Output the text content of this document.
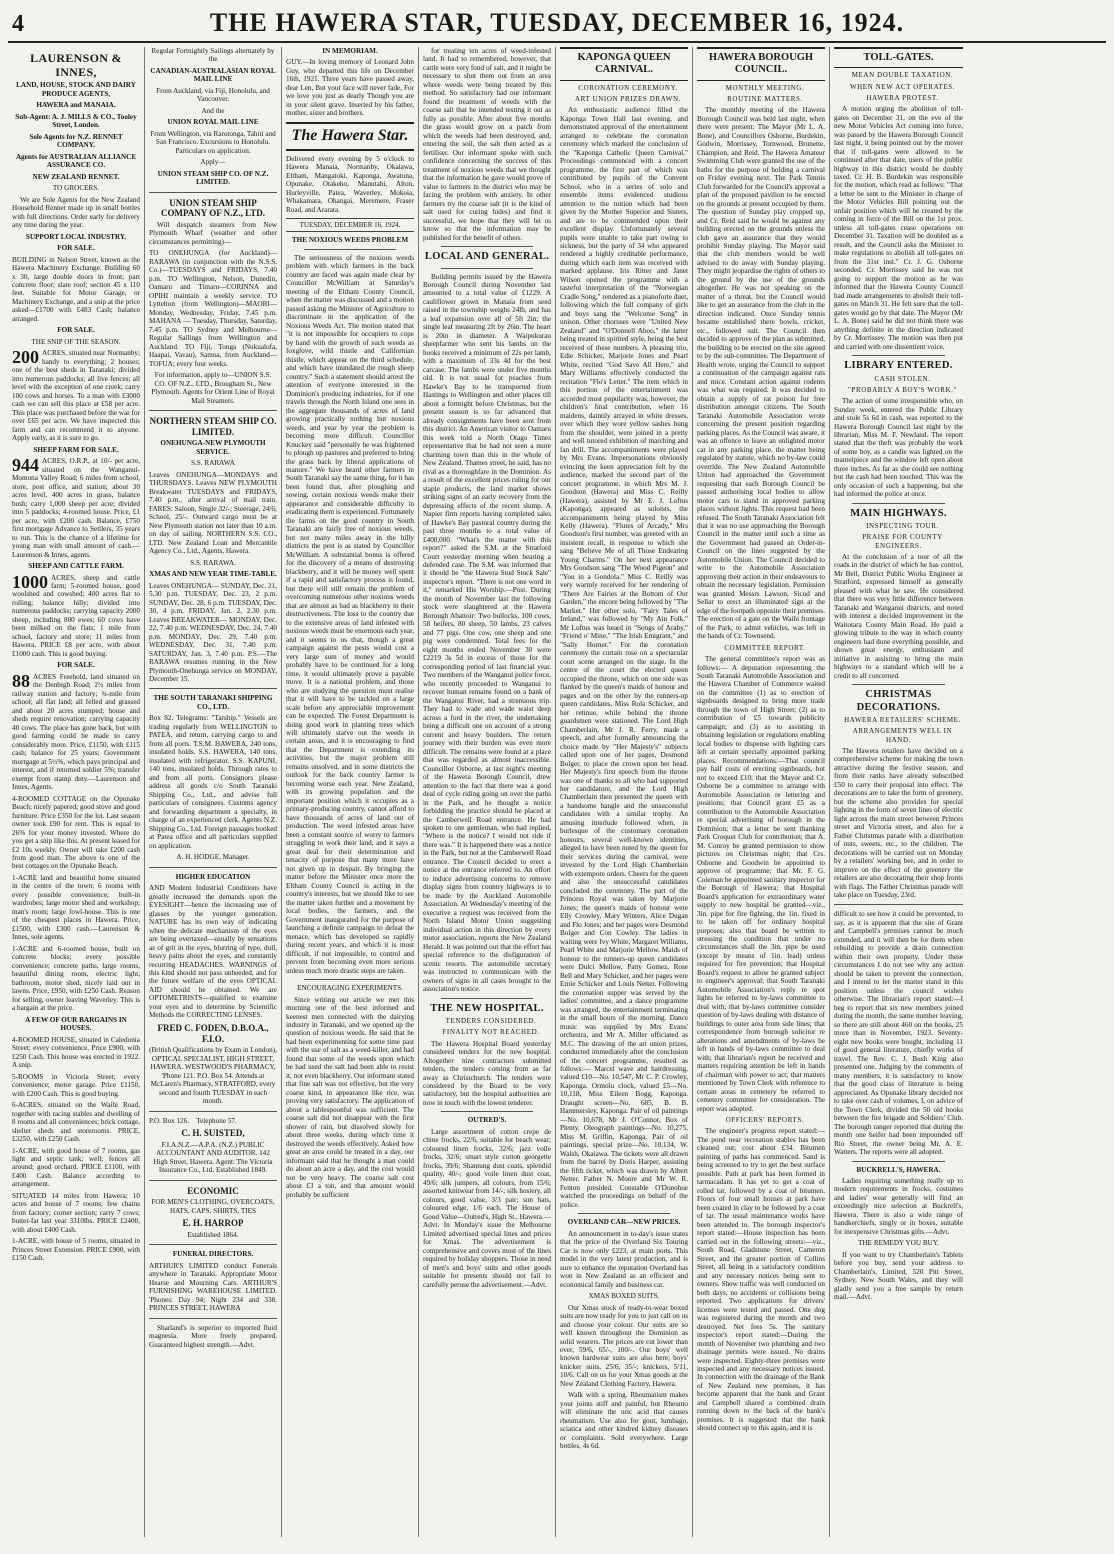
4	THE HAWERA STAR, TUESDAY, DECEMBER 16, 1924.
LAURENSON & INNES,

LAND, HOUSE, STOCK AND DAIRY PRODUCE AGENTS,

HAWERA and MANAIA.

Sub-Agent: A. J. MILLS & CO., Tooley Street, London.

Sole Agents for N.Z. RENNET COMPANY.

Agents for AUSTRALIAN ALLIANCE ASSURANCE CO.

NEW ZEALAND RENNET.

TO GROCERS.

We are Sole Agents for the New Zealand Household Rennet made up in small bottles with full directions. Order early for delivery any time during the year.

SUPPORT LOCAL INDUSTRY.

FOR SALE.

BUILDING in Nelson Street, known as the Hawera Machinery Exchange. Building 60 x 30, large double doors in front; part concrete floor; slate roof; section 45 x 110 feet. Suitable for Motor Garage, or Machinery Exchange, and a snip at the price asked—£1700 with £483 Cash; balance arranged.

FOR SALE.

THE SNIP OF THE SEASON.

200 ACRES, situated near Normanby; handy to everything; 2 houses; one of the best sheds in Taranaki; divided into numerous paddocks; all live fences; all level with the exception of one creek; carry 100 cows and horses. To a man with £3000 cash we can sell this place at £58 per acre. This place was purchased before the war for over £65 per acre. We have inspected this farm and can recommend it to anyone. Apply early, as it is sure to go.

SHEEP FARM FOR SALE.

944 ACRES, O.R.P., at 10/- per acre, situated on the Wanganui-Momona Valley Road; 6 miles from school, store, post office, and station; about 30 acres level, 400 acres in grass, balance bush; carry 1,000 sheep per acre; divided into 5 paddocks; 4-roomed house. Price, £1 per acre, with £200 cash. Balance, £750 first mortgage Advance to Settlers, 35 years to run. This is the chance of a lifetime for young man with small amount of cash.—Laurenson & Innes, agents.

SHEEP AND CATTLE FARM.

1000 ACRES, sheep and cattle farm; 5-roomed house, good woolshed and cowshed; 400 acres flat to rolling; balance hilly; divided into numerous paddocks; carrying capacity 2000 sheep, including 800 ewes; 60 cows have been milked on the flats; 1 mile from school, factory and store; 11 miles from Hawera. PRICE £8 per acre, with about £1000 cash. This is good buying.

FOR SALE.

88 ACRES Freehold, land situated on the Denbigh Road; 2½ miles from railway station and factory; ¾-mile from school; all flat land; all felled and grassed and about 20 acres stumped; house and sheds require renovation; carrying capacity 40 cows. The place has gone back, but with good farming could be made to carry considerably more. Price, £1150, with £115 cash; balance for 25 years; Government mortgage at 5½%, which pays principal and interest, and if returned soldier 5%; transfer exempt from stamp duty.—Laurenson and Innes, Agents.

4-ROOMED COTTAGE on the Opunake Beach; nicely papered; good stove and good furniture. Price £350 for the lot. Last season owner took £90 for rent. This is equal to 26% for your money invested. Where do you get a snip like this. At present leased for £2 10s weekly. Owner will take £200 cash from good man. The above is one of the best cottages on the Opunake Beach.

1-ACRE land and beautiful home situated in the centre of the town; 6 rooms with every possible convenience; built-in wardrobes; large motor shed and workshop; man's room; large fowl-house. This is one of the cheapest places in Hawera. Price, £1500, with £300 cash.—Laurenson & Innes, sole agents.

1-ACRE and 6-roomed house, built on concrete blocks; every possible convenience; concrete paths, large rooms, beautiful dining room, electric light, bathroom, motor shed, nicely laid out in lawns. Price, £950, with £250 Cash. Reason for selling, owner leaving Waverley. This is a bargain at the price.

A FEW OF OUR BARGAINS IN HOUSES.

4-ROOMED HOUSE, situated in Caledonia Street; every convenience. Price £900, with £250 Cash. This house was erected in 1922. A snip.

5-ROOMS in Victoria Street; every convenience; motor garage. Price £1150, with £200 Cash. This is good buying.

6-ACRES, situated on the Waihi Road, together with racing stables and dwelling of 8 rooms and all conveniences; brick cottage, shelter sheds and storerooms. PRICE, £3250, with £250 Cash.

1-ACRE, with good house of 7 rooms, gas light and septic tank; well; fences all around; good orchard. PRICE £1100, with £400 Cash. Balance according to arrangement.

SITUATED 14 miles from Hawera; 10 acres and house of 7 rooms; few chains from factory; corner section; carry 7 cows; butter-fat last year 3310lbs. PRICE £2400, with about £400 Cash.

1-ACRE, with house of 5 rooms, situated in Princes Street Extension. PRICE £900, with £150 Cash.

Regular Fortnightly Sailings alternately by the

CANADIAN-AUSTRALASIAN ROYAL MAIL LINE

From Auckland, via Fiji, Honolulu, and Vancouver.

And the

UNION ROYAL MAIL LINE

From Wellington, via Rarotonga, Tahiti and San Francisco. Excursions to Honolulu. Particulars on application.

Apply—

UNION STEAM SHIP CO. OF N.Z. LIMITED.

UNION STEAM SHIP COMPANY OF N.Z., LTD.

Will despatch steamers from New Plymouth Wharf (weather and other circumstances permitting)—

TO ONEHUNGA (for Auckland)—RARAWA (in conjunction with the N.S.S. Co.)—TUESDAYS and FRIDAYS, 7.40 p.m. TO Wellington, Nelson, Dunedin, Oamaru and Timaru—CORINNA and OPIHI maintain a weekly service. TO Lyttelton (from Wellington)—MAORI—Monday, Wednesday, Friday, 7.45 p.m. MAHANA — Tuesday, Thursday, Saturday, 7.45 p.m. TO Sydney and Melbourne—Regular Sailings from Wellington and Auckland. TO Fiji, Tonga (Nukualofa, Haapai, Vavau), Samoa, from Auckland—TOFUA; every four weeks.

For information, apply to—UNION S.S. CO. OF N.Z., LTD., Brougham St., New Plymouth. Agents for Orient Line of Royal Mail Steamers.

NORTHERN STEAM SHIP CO. LIMITED.

ONEHUNGA-NEW PLYMOUTH SERVICE.

S.S. RARAWA

Leaves ONEHUNGA—MONDAYS and THURSDAYS. Leaves NEW PLYMOUTH Breakwater TUESDAYS and FRIDAYS, 7.40 p.m., after arrival of mail train. FARES: Saloon, Single 32/-; Steerage, 24/6; School, 25/-. Outward cargo must be at New Plymouth station not later than 10 a.m. on day of sailing. NORTHERN S.S. CO., LTD. New Zealand Loan and Mercantile Agency Co., Ltd., Agents, Hawera.

S.S. RARAWA.

XMAS AND NEW YEAR TIME-TABLE.

Leaves ONEHUNGA— SUNDAY, Dec. 21, 5.30 p.m. TUESDAY, Dec. 23, 2 p.m. SUNDAY, Dec. 28, 6 p.m. TUESDAY, Dec. 30, 4 p.m. FRIDAY, Jan. 2, 2.30 p.m. Leaves BREAKWATER— MONDAY, Dec. 22, 7.40 p.m. WEDNESDAY, Dec. 24, 7.40 p.m. MONDAY, Dec. 29, 7.40 p.m. WEDNESDAY, Dec. 31, 7.40 p.m. SATURDAY, Jan. 3, 7.40 p.m. P.S.—The RARAWA resumes running in the New Plymouth-Onehunga service on MONDAY, December 15.

THE SOUTH TARANAKI SHIPPING CO., LTD.

Box 82. Telegrams: "Tarship." Vessels are trading regularly from WELLINGTON to PATEA, and return, carrying cargo to and from all ports. T.S.M. HAWERA, 240 tons, insulated holds. S.S. HAWERA, 140 tons, insulated with refrigerator. S.S. KAPUNI, 140 tons, insulated holds. Through rates to and from all ports. Consignors please address all goods c/o South Taranaki Shipping Co., Ltd., and advise full particulars of consignees. Customs agency and forwarding department a specialty, in charge of an experienced clerk. Agents N.Z. Shipping Co., Ltd. Foreign passages booked at Patea office and all particulars supplied on application.

A. H. HODGE, Manager.

HIGHER EDUCATION

AND Modern Industrial Conditions have greatly increased the demands upon the EYESIGHT—hence the increasing use of glasses by the younger generation. NATURE has its own way of indicating when the delicate mechanism of the eyes are being overtaxed—usually by sensations as of grit in the eyes, blurring of type, dull, heavy pains about the eyes, and constantly recurring HEADACHES. WARNINGS of this kind should not pass unheeded, and for the future welfare of the eyes OPTICAL AID should be obtained. We are OPTOMETRISTS—qualified to examine your eyes and to determine by Scientific Methods the CORRECTING LENSES.

FRED C. FODEN, D.B.O.A., F.I.O.

(British Qualifications by Exam in London), OPTICAL SPECIALIST, HIGH STREET, HAWERA. WESTWOOD'S PHARMACY, 'Phone 121. P.O. Box 54. Attends at McLaren's Pharmacy, STRATFORD, every second and fourth TUESDAY in each month.

P.O. Box 126. Telephone 57.

C. H. SUISTED,

F.I.A.N.Z.—A.P.A. (N.Z.) PUBLIC ACCOUNTANT AND AUDITOR. 142 High Street, Hawera. Agent: The Victoria Insurance Co., Ltd. Established 1849.

ECONOMIC

FOR MEN'S CLOTHING, OVERCOATS, HATS, CAPS, SHIRTS, TIES

E. H. HARROP

Established 1864.

FUNERAL DIRECTORS.

ARTHUR'S LIMITED conduct Funerals anywhere in Taranaki. Appropriate Motor Hearse and Mourning Cars. ARTHUR'S FURNISHING WAREHOUSE LIMITED. 'Phones: Day 94; Night 234 and 338. PRINCES STREET, HAWERA

Sharland's is superior to imported fluid magnesia. More freely prepared. Guaranteed highest strength.—Advt.

IN MEMORIAM.

GUY.—In loving memory of Leonard John Guy, who departed this life on December 16th, 1921. Three years have passed away, dear Len, But your face will never fade, For we love you just as dearly Though you are in your silent grave. Inserted by his father, mother, sister and brothers.

The Hawera Star.

Delivered every evening by 5 o'clock to Hawera Manaia, Normanby, Okaiawa, Eltham, Mangatoki, Kaponga, Awatuna, Opunake, Otakeho, Manutahi, Alton, Hurleyville, Patea, Waverley, Mokoia, Whakamara, Ohangai, Meremere, Fraser Road, and Ararata.

TUESDAY, DECEMBER 16, 1924.

THE NOXIOUS WEEDS PROBLEM

The seriousness of the noxious weeds problem with which farmers in the back country are faced was again made clear by Councillor McWilliam at Saturday's meeting of the Eltham County Council, when the matter was discussed and a motion passed asking the Minister of Agriculture to discriminate in the application of the Noxious Weeds Act. The motion stated that "it is not impossible for occupiers to cope by hand with the growth of such weeds as foxglove, wild thistle and Californian thistle, which appear on the third schedule, and which have inundated the rough sheep country." Such a statement should arrest the attention of everyone interested in the Dominion's producing industries, for if one travels through the North Island one sees in the aggregate thousands of acres of land growing practically nothing but noxious weeds, and year by year the problem is becoming more difficult. Councillor Knuckey said "personally he was frightened to plough up pastures and preferred to bring the grass back by liberal applications of manure." We have heard other farmers in South Taranaki say the same thing, for it has been found that, after ploughing and sowing, certain noxious weeds make their appearance and considerable difficulty in eradicating them is experienced. Fortunately the farms on the good country in South Taranaki are fairly free of noxious weeds, but not many miles away in the hilly districts the pest is as stated by Councillor McWilliam. A substantial bonus is offered for the discovery of a means of destroying blackberry, and it will be money well spent if a rapid and satisfactory process is found, but there will still remain the problem of overcoming numerous other noxious weeds that are almost as bad as blackberry in their destructiveness. The loss to the country due to the extensive areas of land infested with noxious weeds must be enormous each year, and it seems to us that, though a great campaign against the pests would cost a very large sum of money and would probably have to be continued for a long time, it would ultimately prove a payable move. It is a national problem, and those who are studying the question must realise that it will have to be tackled on a large scale before any appreciable improvement can be expected. The Forest Department is doing good work in planting trees which will ultimately starve out the weeds in certain areas, and it is encouraging to find that the Department is extending its activities, but the major problem still remains unsolved, and in some districts the outlook for the back country farmer is becoming worse each year. New Zealand, with its growing population and the important position which it occupies as a primary-producing country, cannot afford to have thousands of acres of land out of production. The weed infested areas have been a constant source of worry to farmers struggling to work their land, and it says a great deal for their determination and tenacity of purpose that many more have not given up in despair. By bringing the matter before the Minister once more the Eltham County Council is acting in the country's interests, but we should like to see the matter taken further and a movement by local bodies, the farmers, and the Government inaugurated for the purpose of launching a definite campaign to defeat the menace, which has developed so rapidly during recent years, and which it is most difficult, if not impossible, to control and prevent from becoming even more serious unless much more drastic steps are taken.

ENCOURAGING EXPERIMENTS.

Since writing our article we met this morning one of the best informed and keenest men connected with the dairying industry in Taranaki, and we opened up the question of noxious weeds. He said that he had been experimenting for some time past with the use of salt as a weed-killer, and had found that some of the weeds upon which he had used the salt had been able to resist it, not even blackberry. Our informant stated that fine salt was not effective, but the very coarse kind, in appearance like rice, was proving very satisfactory. The application of about a tablespoonful was sufficient. The coarse salt did not disappear with the first shower of rain, but dissolved slowly for about three weeks, during which time it destroyed the weeds effectively. Asked how great an area could be treated in a day, our informant said that he thought a man could do about an acre a day, and the cost would not be very heavy. The coarse salt cost about £3 a ton, and that amount would probably be sufficient

for treating ten acres of weed-infested land. It had to remembered, however, that cattle were very fond of salt, and it might be necessary to shut them out from an area where weeds were being treated by this method. So satisfactory had our informant found the treatment of weeds with the coarse salt that he intended testing it out as fully as possible. After about five months the grass would grow on a patch from which the weeds had been destroyed, and, entering the soil, the salt then acted as a fertiliser. Our informant spoke with such confidence concerning the success of this treatment of noxious weeds that we thought that the information he gave would prove of value to farmers in the district who may be facing the problem with anxiety. In other farmers try the coarse salt (it is the kind of salt used for curing hides) and find it successful, we hope that they will let us know so that the information may be published for the benefit of others.

LOCAL AND GENERAL.

Building permits issued by the Hawera Borough Council during November last amounted to a total value of £1229. A cauliflower grown in Manaia from seed raised in the township weighs 24lb, and has a leaf expansion over all of 5ft 2in; the single leaf measuring 2ft by 26in. The heart is 20in in diameter. A Waipukurau sheepfarmer who sent his lambs on the hooks received a minimum of 22s per lamb, with a maximum of 33s 4d for the best carcase. The lambs were under five months old. It is not usual for peaches from Hawke's Bay to be transported from Hastings to Wellington and other places till about a fortnight before Christmas, but the present season is so far advanced that already consignments have been sent from this district. An American visitor to Oamaru this week told a North Otago Times representative that he had not seen a more charming town than this in the whole of New Zealand. Thames street, he said, has no rival as a thoroughfare in the Dominion. As a result of the excellent prices ruling for our staple products, the land market shows striking signs of an early recovery from the depressing effects of the recent slump. A Napier firm reports having completed sales of Hawke's Bay pastoral country during the past three months to a total value of £400,000. "What's the matter with this report?" asked the S.M. at the Stratford Court yesterday morning when hearing a defended case. The S.M. was informed that it should be "the Hawera Stud Stock Sale" inspector's report. "There is not one word in it," remarked His Worship.—Post. During the month of November last the following stock were slaughtered at the Hawera Borough Abattoir: Two bullocks, 100 cows, 58 heifers, 80 sheep, 50 lambs, 23 calves and 77 pigs. One cow, one sheep and one pig were condemned. Total fees for the eight months ended November 30 were £2219 3s 5d in excess of those for the corresponding period of last financial year. Two members of the Wanganui police force, who recently proceeded to Wanganui to recover human remains found on a bank of the Wanganui River, had a strenuous trip. They had to wade and wade waist deep across a ford in the river, the undertaking being a difficult one on account of a strong current and heavy boulders. The return journey with their burden was even more difficult. The remains were found at a place that was regarded as almost inaccessible. Councillor Osborne, at last night's meeting of the Hawera Borough Council, drew attention to the fact that there was a good deal of cycle riding going on over the paths in the Park, and he thought a notice forbidding the practice should be placed at the Camberwell Road entrance. He had spoken to one gentleman, who had replied, "Where is the notice? I would not ride if there was." It is happened there was a notice in the Park, but not at the Camberwell Road entrance. The Council decided to erect a notice at the entrance referred to. An effort to induce advertising concerns to remove display signs from country highways is to be made by the Auckland Automobile Association. At Wednesday's meeting of the executive a request was received from the North Island Motor Union suggesting individual action in this direction by every motor association, reports the New Zealand Herald. It was pointed out that the effort has special reference to the disfiguration of scenic resorts. The automobile secretary was instructed to communicate with the owners of signs in all cases brought to the association's notice.

THE NEW HOSPITAL.

TENDERS CONSIDERED.

FINALITY NOT REACHED.

The Hawera Hospital Board yesterday considered tenders for the new hospital. Altogether nine contractors submitted tenders, the tenders coming from as far away as Christchurch. The tenders were considered by the Board to be very satisfactory, but the hospital authorities are now in touch with the lowest tenderer.

OUTRED'S.

Large assortment of cotton crepe de chine frocks, 22/6, suitable for beach wear; coloured linen frocks, 32/6; jazz voile frocks, 32/6; smart style cotton georgette frocks, 39/6; Shantung dust coats, splendid quality, 40/-; good voile linen dust coat, 49/6; silk jumpers, all colours, from 15/6; assorted knitwear from 14/-; silk hosiery, all colours, good value, 3/3 pair; sun hats, coloured edge, 1/6 each. The House of Good Value—Outred's, High St., Hawera.—Advt. In Monday's issue the Melbourne Limited advertised special lines and prices for Xmas. The advertisement is comprehensive and covers most of the lines required by holiday shoppers. Those in need of men's and boys' suits and other goods suitable for presents should not fail to carefully peruse the advertisement.—Advt.

KAPONGA QUEEN CARNIVAL.

CORONATION CEREMONY.

ART UNION PRIZES DRAWN.

An enthusiastic audience filled the Kaponga Town Hall last evening, and demonstrated approval of the entertainment arranged to celebrate the coronation ceremony which marked the conclusion of the "Kaponga Catholic Queen Carnival." Proceedings commenced with a concert programme, the first part of which was contributed by pupils of the Convent School, who in a series of solo and ensemble items evidenced studious attention to the tuition which had been given by the Mother Superior and Sisters, and are to be commended upon their excellent display. Unfortunately several pupils were unable to take part owing to sickness, but the party of 34 who appeared rendered a highly creditable performance, during which each item was received with marked applause. Iris Ritter and Janet Wilson opened the programme with a tasteful interpretation of the "Norwegian Cradle Song," rendered as a pianoforte duet, following which the full company of girls and boys sang the "Welcome Song" in unison. Other choruses were "United New Zealand" and "O'Donnell Aboo," the latter being treated in spirited style, being the best received of these numbers. A pleasing trio, Edie Schicker, Marjorie Jones and Pearl White, recited "God Save All Here," and Mary Williams effectively conducted the recitation "Flo's Letter." The item which in this portion of the entertainment was accorded most popularity was, however, the children's final contribution, when 16 maidens, daintily arrayed in white dresses, over which they wore yellow sashes hung from the shoulder, were joined in a pretty and well tutored exhibition of marching and fan drill. The accompaniments were played by Mrs Evans. Impersonations obviously evincing the keen appreciation felt by the audience, marked the second part of the concert programme, in which Mrs M. J. Goodson (Hawera) and Miss C. Reilly (Hawera), assisted by Mr E. J. Loftus (Kaponga), appeared as soloists, the accompaniments being played by Miss Kelly (Hawera). "Flutes of Arcady," Mrs Goodson's first number, was greeted with an insistent recall, in response to which she sang "Believe Me of all Those Endearing Young Charms." On her next appearance Mrs Goodson sang "The Wood Pigeon" and "You in a Gondola." Miss C. Reilly was very warmly received for her rendering of "There Are Fairies at the Bottom of Our Garden," the encore being followed by "The Market." Her other solo, "Fairy Tales of Ireland," was followed by "My Ain Folk." Mr Loftus was heard in "Songs of Araby," "Friend o' Mine," "The Irish Emigrant," and "Sally Horner." For the coronation ceremony the curtain rose on a spectacular court scene arranged on the stage. In the centre of the court the elected queen occupied the throne, which on one side was flanked by the queen's maids of honour and pages and on the other by the runners-up queen candidates, Miss Rola Schicker, and her retinue, while behind the throne guardsmen were stationed. The Lord High Chamberlain, Mr J. R. Ferry, made a speech, and after formally announcing the choice made by "Her Majesty's" subjects called upon one of her pages, Desmond Bolger, to place the crown upon her head. Her Majesty's first speech from the throne was one of thanks to all who had supported her candidature, and the Lord High Chamberlain then presented the queen with a handsome bangle and the unsuccessful candidates with a similar trophy. An amusing interlude followed when, in burlesque of the customary coronation honours, several well-known identities, alleged to have been noted by the queen for their services during the carnival, were invested by the Lord High Chamberlain with extempore orders. Cheers for the queen and also the unsuccessful candidates concluded the ceremony. The part of the Princess Royal was taken by Marjorie Jones; the queen's maids of honour were Elly Crowley, Mary Winters, Alice Dugan and Flo Jones; and her pages were Desmond Bolger and Con Cowley. The ladies in waiting were Ivy White, Margaret Williams, Pearl White and Marjorie Mellow. Maids of honour to the runners-up queen candidates were Dulci Mellow, Patty Gomez, Rose Bell and Mary Schicker, and her pages were Ernie Schicker and Louis Netter. Following the coronation supper was served by the ladies' committee, and a dance programme was arranged, the entertainment terminating in the small hours of the morning. Dance music was supplied by Mrs Evans' orchestra, and Mr A. Miller officiated as M.C. The drawing of the art union prizes, conducted immediately after the conclusion of the concert programme, resulted as follows:— Marcel wave and hairdressing, valued £10—No. 10,547, Mr C. P. Crowley, Kaponga. Ormolu clock, valued £5—No. 10,118, Miss Eileen Bogg, Kaponga. Draught screen—No. 685, B. B. Hammersley, Kaponga. Pair of oil paintings—No. 10,678, Mr J. O'Connor, Box of Plenty. Oleograph paintings—No. 10,275, Miss M. Griffin, Kaponga. Pair of oil paintings, special prize—No. 10,134, W. Walsh, Okaiawa. The tickets were all drawn from the barrel by Doris Harper, assisting the fifth ticket, which was drawn by Albert Netter. Father N. Moore and Mr W. R. Fenton presided. Constable O'Donohue watched the proceedings on behalf of the police.

OVERLAND CAR—NEW PRICES.

An announcement in to-day's issue states that the price of the Overland Six Touring Car is now only £223, at main ports. This model in the very latest production, and is sure to enhance the reputation Overland has won in New Zealand as an efficient and economical family and business car.

XMAS BOXED SUITS.

Our Xmas stock of ready-to-wear boxed suits are now ready for you to just call on us and choose your colour. Our suits are so well known throughout the Dominion as solid wearers. The prices are cut lower than ever, 59/6, 65/-, 100/-. Our boys' well known hardwear suits are also here; boys' knicker suits, 25/6, 35/-; knickers, 5/11, 10/6. Call on us for your Xmas goods at the New Zealand Clothing Factory, Hawera.

Walk with a spring. Rheumatism makes your joints stiff and painful, but Rheumo will eliminate the uric acid that causes rheumatism. Use also for gout, lumbago, sciatica and other kindred kidney diseases or complaints. Sold everywhere. Large bottles, 4s 6d.

HAWERA BOROUGH COUNCIL.

MONTHLY MEETING.

ROUTINE MATTERS.

The monthly meeting of the Hawera Borough Council was held last night, when there were present: The Mayor (Mr L. A. Bone), and Councillors Osborne, Burdekin, Godwin, Morrissey, Tornwood, Brunette, Champion, and Reid. The Hawera Amateur Swimming Club were granted the use of the baths for the purpose of holding a carnival on Friday evening next. The Park Tennis Club forwarded for the Council's approval a plan of the proposed pavilion to be erected on the grounds at present occupied by them. The question of Sunday play cropped up, and Cr. Reid said he would be against any building erected on the grounds unless the club gave an assurance that they would prohibit Sunday playing. The Mayor said that the club members would be well advised to do away with Sunday playing. They might jeopardise the rights of others to the ground by the use of the grounds altogether. He was not speaking on the matter of a threat, but the Council would like to get an assurance from the club in the direction indicated. Once Sunday tennis became established there bowls, cricket, etc., followed suit. The Council then decided to approve of the plan as submitted, the building to be erected on the site agreed to by the sub-committee. The Department of Health wrote, urging the Council to support a continuation of the campaign against rats and mice. Constant action against rodents was what was required. It was decided to obtain a supply of rat poison for free distribution amongst citizens. The South Taranaki Automobile Association wrote concerning the present position regarding parking places. As the Council was aware, it was an offence to leave an unlighted motor car in any parking place, the matter being regulated by statute, which no by-law could override. The New Zealand Automobile Union had approached the Government requesting that each Borough Council be passed authorising local bodies to allow motor cars to stand in approved parking places without lights. This request had been refused. The South Taranaki Association felt that it was no use approaching the Borough Council in the matter until such a time as the Government had passed an Order-in-Council on the lines suggested by the Automobile Union. The Council decided to write to the Automobile Association approving their action in their endeavours to obtain the necessary legislation. Permission was granted Messrs Lawson, Sicod and Sellar to erect an illuminated sign at the edge of the footpath opposite their premises. The erection of a gate on the Waihi frontage of the Park, to admit vehicles, was left in the hands of Cr. Townsend.

COMMITTEE REPORT.

The general committee's report was as follows:— A deputation representing the South Taranaki Automobile Association and the Hawera Chamber of Commerce waited on the committee (1) as to erection of signboards designed to bring more trade through the town of High Street; (2) as to contribution of £5 towards publicity campaign; and (3) as to assisting in obtaining legislation or regulations enabling local bodies to dispense with lighting cars left at certain specially appointed parking places. Recommendations:—That council pay half costs of erecting signboards, but not to exceed £10; that the Mayor and Cr. Osborne be a committee to arrange with Automobile Association re lettering and positions; that Council grant £5 as a contribution to the Automobile Association re special advertising of borough in the Dominion; that a letter be sent thanking Park Croquet Club for contribution; that A. M. Conroy be granted permission to show pictures on Christmas night; that Crs. Osborne and Goodwin be appointed to approve of programme; that Mr. F. G. Coleman be appointed sanitary inspector for the Borough of Hawera; that Hospital Board's application for extraordinary water supply to new hospital be granted—viz., 3in. pipe for fire fighting, the 1in. fixed in to be taken off for ordinary hospital purposes; also that board be written to stressing the condition that under no circumstances shall the 3in. pipe be used (except by means of 1in. lead) unless required for fire prevention; that Hospital Board's request to allow he granted subject to engineer's approval; that South Taranaki Automobile Association's reply re spot lights be referred to by-laws committee to deal with; that by-laws committee consider question of by-laws dealing with distance of buildings to outer area from side lines; that correspondence from borough solicitor re alterations and amendments of by-laws be left in hands of by-laws committee to deal with; that librarian's report be received and matters requiring attention be left in hands of chairman with power to act; that matters mentioned by Town Clerk with reference to certain areas in cemetery be referred to cemetery committee for consideration. The report was adopted.

OFFICERS' REPORTS.

The engineer's progress report stated:—The pond near recreation stables has been cleaned out; cost about £34. Bitumen painting of paths has commenced. Sand is being screened to try to get the best surface possible. Path at park has been formed in tarmacadam. It has yet to get a coat of rolled tar, followed by a coat of bitumen. Floors of four small houses at park have been coated in clay to be followed by a coat of tar. The usual maintenance works have been attended to. The borough inspector's report stated:—House inspection has been carried out in the following streets:—viz., South Road, Gladstone Street, Cameron Street, and the greater portion of Collins Street, all being in a satisfactory condition and any necessary notices being sent to owners. Show traffic was well conducted on both days, no accidents or collisions being reported. Two applications for drivers' licenses were tested and passed. One dog was registered during the month and two destroyed. Net fees 5s. The sanitary inspector's report stated:—During the month of November two plumbing and two drainage permits were issued. No drains were inspected. Eighty-three premises were inspected and any necessary notices issued. In connection with the drainage of the Bank of New Zealand new premises, it has become apparent that the bank and Grant and Campbell shared a combined drain running down to the back of the bank's premises. It is suggested that the bank should connect up to this again, and it is

TOLL-GATES.

MEAN DOUBLE TAXATION.

WHEN NEW ACT OPERATES.

HAWERA PROTEST.

A motion urging the abolition of toll-gates on December 31, on the eve of the new Motor Vehicles Act coming into force, was passed by the Hawera Borough Council last night, it being pointed out by the mover that if toll-gates were allowed to be continued after that date, users of the public highway in this district would be doubly taxed. Cr. H. B. Burdekin was responsible for the motion, which read as follows: "That a letter be sent to the Minister in charge of the Motor Vehicles Bill pointing out the unfair position which will be created by the coming in force of the Bill on the 1st prox. unless all toll-gates cease operations on December 31. Taxation will be doubled as a result, and the Council asks the Minister to make regulations to abolish all toll-gates on from the 31st inst." Cr. J. G. Osborne seconded. Cr. Morrissey said he was not going to support the motion as he was informed that the Hawera County Council had made arrangements to abolish their toll-gates on March 31. He felt sure that the toll-gates would go by that date. The Mayor (Mr L. A. Bone) said he did not think there was anything definite in the direction indicated by Cr. Morrissey. The motion was then put and carried with one dissentient voice.

LIBRARY ENTERED.

CASH STOLEN.

"PROBABLY A BOY'S WORK."

The action of some irresponsible who, on Sunday week, entered the Public Library and stole 5s 6d in cash, was reported to the Hawera Borough Council last night by the librarian, Miss M. F. Newland. The report stated that the theft was probably the work of some boy, as a candle was lighted on the mantelpiece and the window left open about three inches. As far as she could see nothing but the cash had been touched. This was the only occasion of such a happening, but she had informed the police at once.

MAIN HIGHWAYS.

INSPECTING TOUR.

PRAISE FOR COUNTY ENGINEERS.

At the conclusion of a tour of all the roads in the district of which he has control, Mr Bell, District Public Works Engineer at Stratford, expressed himself as generally pleased with what he saw. He considered that there was very little difference between Taranaki and Wanganui districts, and noted with interest a decided improvement in the Waitotara County Main Road. He paid a glowing tribute to the way in which county engineers had done everything possible, and shown great energy, enthusiasm and initiative in assisting to bring the main highways to a standard which will be a credit to all concerned.

CHRISTMAS DECORATIONS.

HAWERA RETAILERS' SCHEME.

ARRANGEMENTS WELL IN HAND.

The Hawera retailers have decided on a comprehensive scheme for making the town attractive during the festive season, and from their ranks have already subscribed £50 to carry their proposal into effect. The decorations are to take the form of greenery, but the scheme also provides for special lighting in the form of seven lines of electric light across the main street between Princes street and Victoria street, and also for a Father Christmas parade with a distribution of nuts, sweets, etc., to the children. The decorations will be carried out on Monday by a retailers' working bee, and in order to improve on the effect of the greenery the retailers are also decorating their shop fronts with flags. The Father Christmas parade will take place on Tuesday, 23rd.

difficult to see how it could be prevented, to say, as it is apparent that the site of Grant and Campbell's premises cannot be much extended, and it will then be for them when rebuilding to provide a drain connection within their own property. Under these circumstances I do not see why any action should be taken to prevent the connection, and I intend to let the matter stand in this position unless the council wishes otherwise. The librarian's report stated:—I beg to report that six new members joined during the month, the same number leaving, so there are still about 460 on the books, 25 more than in November, 1923. Seventy-eight new books were bought, including 11 of good general literature, chiefly works of travel. The Rev. C. J. Bush King also presented one. Judging by the comments of many members, it is satisfactory to know that the good class of literature is being appreciated. As Opunake library decided not to take over cash of volumes, I, on advice of the Town Clerk, divided the 50 old books between the fire brigade and Soldiers' Club. The borough ranger reported that during the month one heifer had been impounded off Rio Street, the owner being Mr. A. E. Watters. The reports were all adopted.

BUCKRELL'S, HAWERA.

Ladies requiring something really up to modern requirements in frocks, costumes and ladies' wear generally will find an exceedingly nice selection at Buckrell's, Hawera. There is also a wide range of handkerchiefs, singly or in boxes, suitable for inexpensive Christmas gifts.—Advt.

THE REMEDY YOU BUY.

If you want to try Chamberlain's Tablets before you buy, send your address to Chamberlain's, Limited, 520 Pitt Street, Sydney, New South Wales, and they will gladly send you a free sample by return mail.—Advt.
